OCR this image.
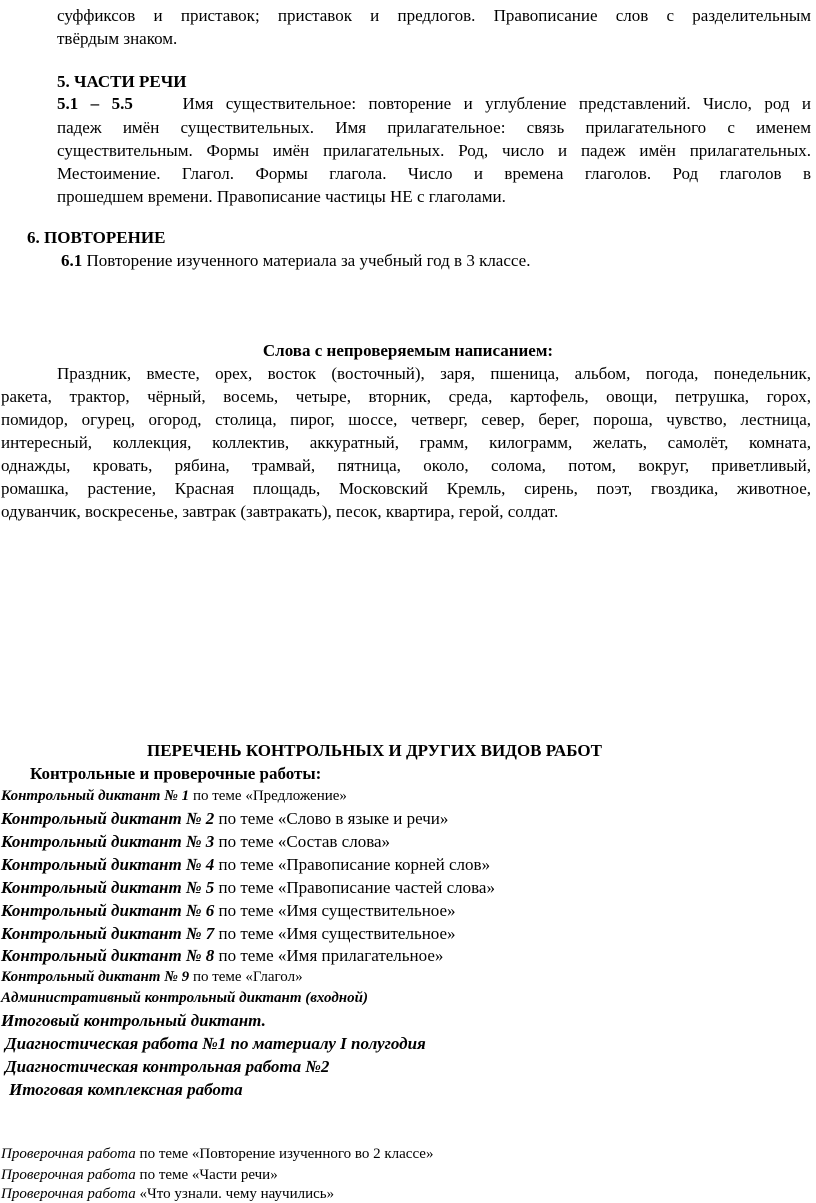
суффиксов и приставок; приставок и предлогов. Правописание слов с разделительным
твёрдым знаком.
5. ЧАСТИ РЕЧИ
5.1 – 5.5	Имя существительное: повторение и углубление представлений. Число, род и
падеж имён существительных. Имя прилагательное: связь прилагательного с именем
существительным. Формы имён прилагательных. Род, число и падеж имён прилагательных.
Местоимение. Глагол. Формы глагола. Число и времена глаголов. Род глаголов в
прошедшем времени. Правописание частицы НЕ с глаголами.
6. ПОВТОРЕНИЕ
6.1 Повторение изученного материала за учебный год в 3 классе.
Слова с непроверяемым написанием:
Праздник, вместе, орех, восток (восточный), заря, пшеница, альбом, погода, понедельник,
ракета, трактор, чёрный, восемь, четыре, вторник, среда, картофель, овощи, петрушка, горох,
помидор, огурец, огород, столица, пирог, шоссе, четверг, север, берег, пороша, чувство, лестница,
интересный, коллекция, коллектив, аккуратный, грамм, килограмм, желать, самолёт, комната,
однажды, кровать, рябина, трамвай, пятница, около, солома, потом, вокруг, приветливый,
ромашка, растение, Красная площадь, Московский Кремль, сирень, поэт, гвоздика, животное,
одуванчик, воскресенье, завтрак (завтракать), песок, квартира, герой, солдат.
ПЕРЕЧЕНЬ КОНТРОЛЬНЫХ И ДРУГИХ ВИДОВ РАБОТ
Контрольные и проверочные работы:
Контрольный диктант № 1 по теме «Предложение»
Контрольный диктант № 2 по теме «Слово в языке и речи»
Контрольный диктант № 3 по теме «Состав слова»
Контрольный диктант № 4 по теме «Правописание корней слов»
Контрольный диктант № 5 по теме «Правописание частей слова»
Контрольный диктант № 6 по теме «Имя существительное»
Контрольный диктант № 7 по теме «Имя существительное»
Контрольный диктант № 8 по теме «Имя прилагательное»
Контрольный диктант № 9 по теме «Глагол»
Административный контрольный диктант (входной)
Итоговый контрольный диктант.
Диагностическая работа №1 по материалу I полугодия
Диагностическая контрольная работа №2
Итоговая комплексная работа
Проверочная работа по теме «Повторение изученного во 2 классе»
Проверочная работа по теме «Части речи»
Проверочная работа «Что узнали. чему научились»
